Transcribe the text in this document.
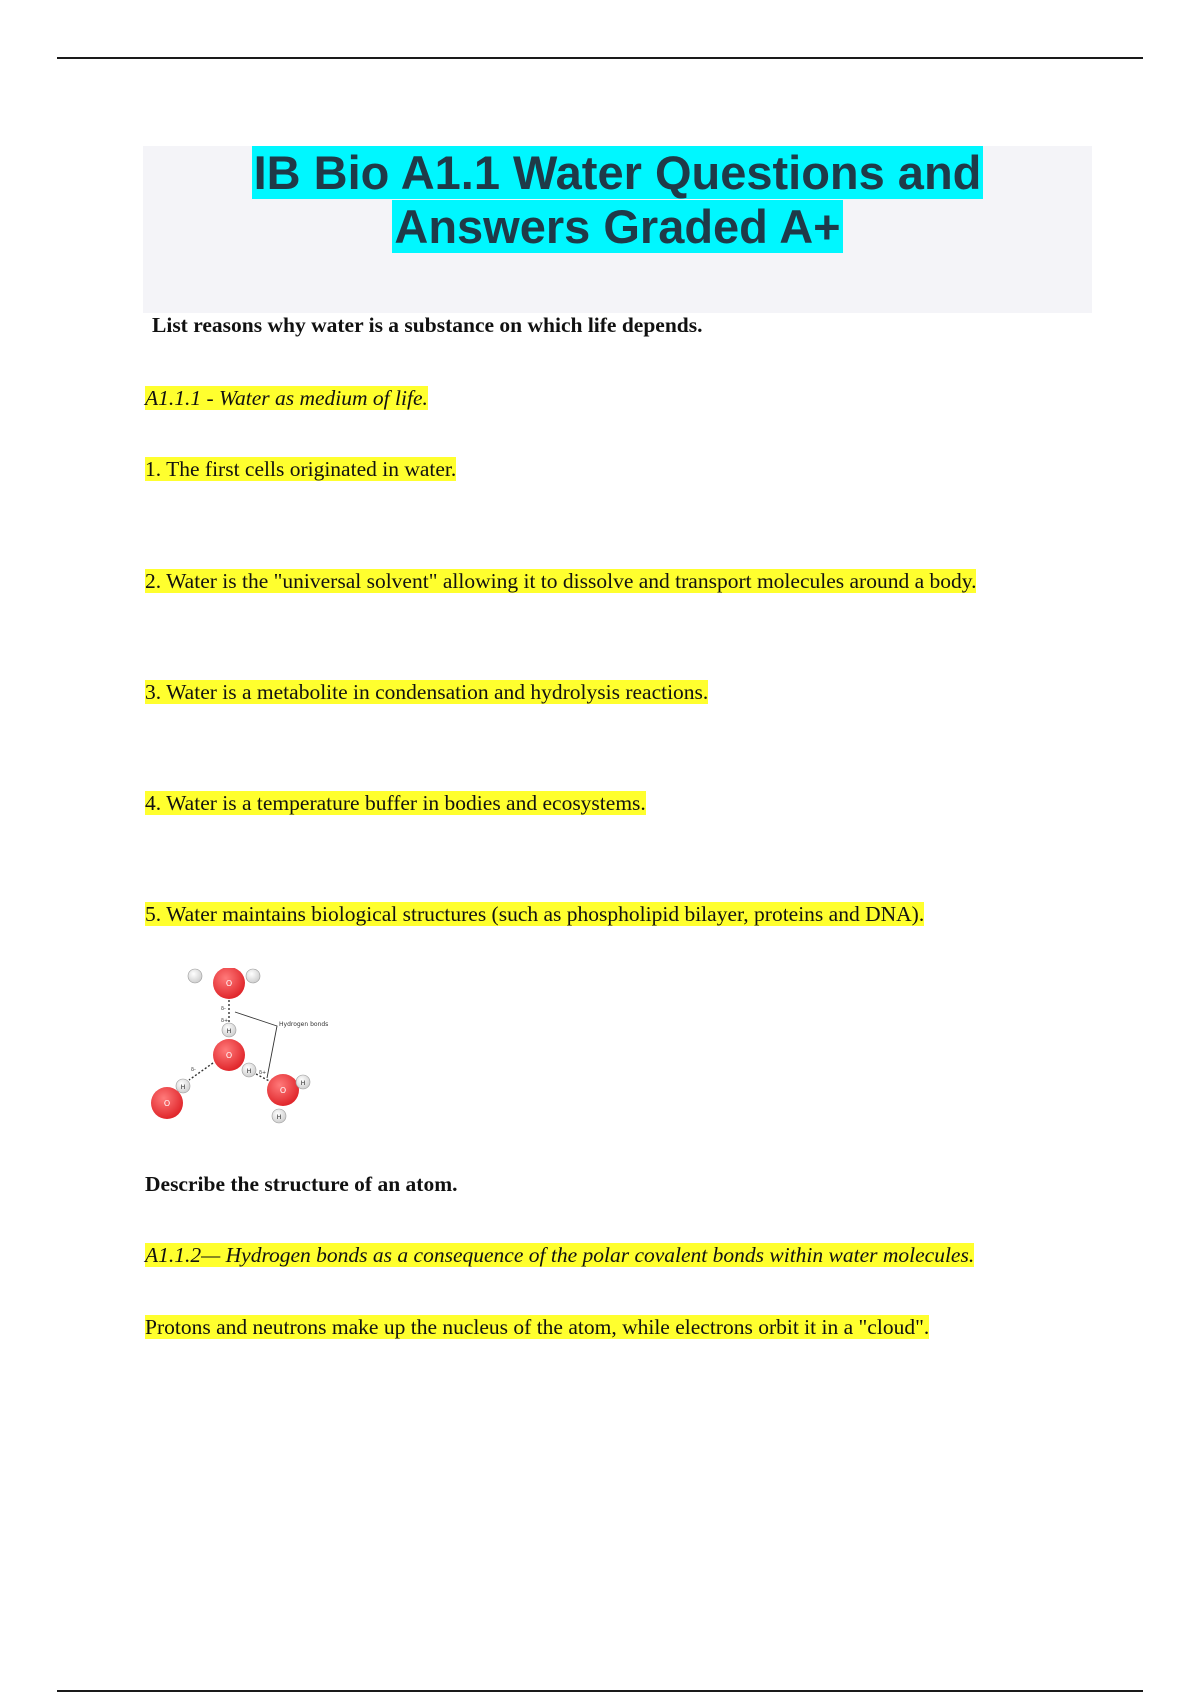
IB Bio A1.1 Water Questions and
Answers Graded A+
List reasons why water is a substance on which life depends.
A1.1.1 - Water as medium of life.
1. The first cells originated in water.
2. Water is the "universal solvent" allowing it to dissolve and transport molecules around a body.
3. Water is a metabolite in condensation and hydrolysis reactions.
4. Water is a temperature buffer in bodies and ecosystems.
5. Water maintains biological structures (such as phospholipid bilayer, proteins and DNA).
O
δ-
δ+
H
O
H
δ-
H
O
δ+
O
H
H
Hydrogen bonds
Describe the structure of an atom.
A1.1.2— Hydrogen bonds as a consequence of the polar covalent bonds within water molecules.
Protons and neutrons make up the nucleus of the atom, while electrons orbit it in a "cloud".
